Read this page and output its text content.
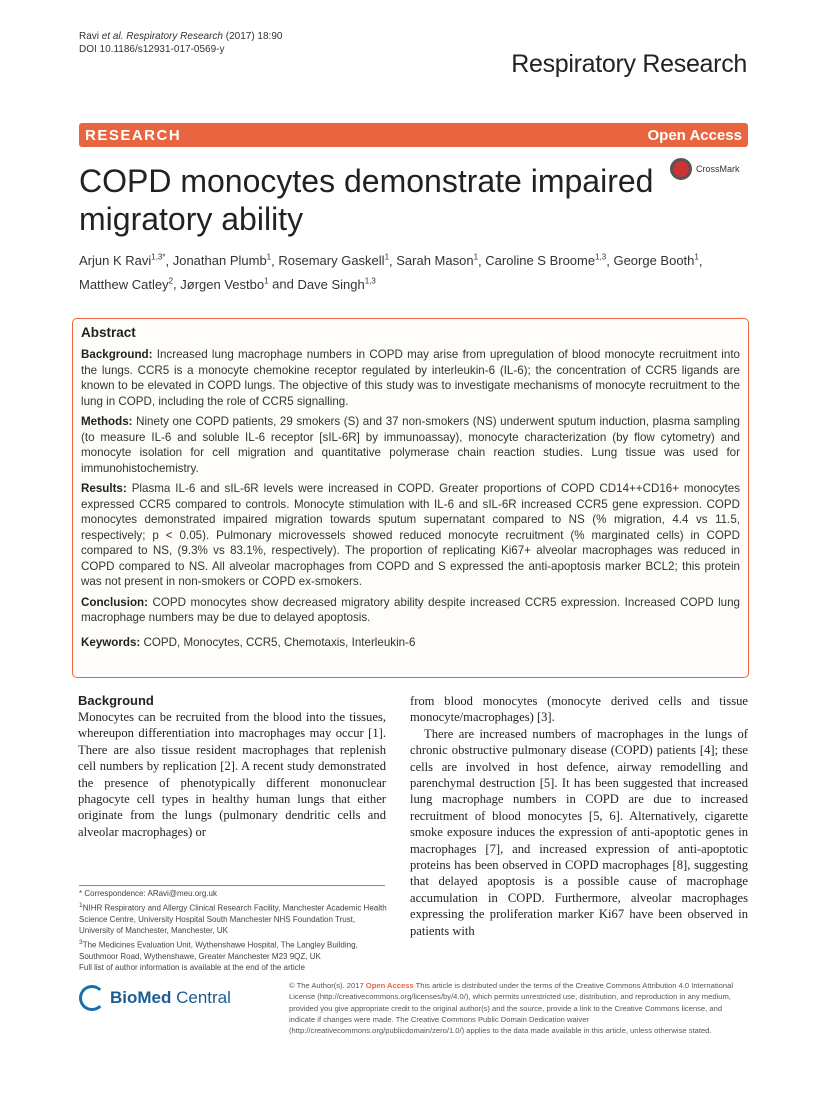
Ravi et al. Respiratory Research (2017) 18:90
DOI 10.1186/s12931-017-0569-y
Respiratory Research
RESEARCH	Open Access
CrossMark
COPD monocytes demonstrate impaired migratory ability
Arjun K Ravi$^{1,3*}$, Jonathan Plumb$^1$, Rosemary Gaskell$^1$, Sarah Mason$^1$, Caroline S Broome$^{1,3}$, George Booth$^1$, Matthew Catley$^2$, Jørgen Vestbo$^1$ and Dave Singh$^{1,3}$
Abstract

Background: Increased lung macrophage numbers in COPD may arise from upregulation of blood monocyte recruitment into the lungs. CCR5 is a monocyte chemokine receptor regulated by interleukin-6 (IL-6); the concentration of CCR5 ligands are known to be elevated in COPD lungs. The objective of this study was to investigate mechanisms of monocyte recruitment to the lung in COPD, including the role of CCR5 signalling.

Methods: Ninety one COPD patients, 29 smokers (S) and 37 non-smokers (NS) underwent sputum induction, plasma sampling (to measure IL-6 and soluble IL-6 receptor [sIL-6R] by immunoassay), monocyte characterization (by flow cytometry) and monocyte isolation for cell migration and quantitative polymerase chain reaction studies. Lung tissue was used for immunohistochemistry.

Results: Plasma IL-6 and sIL-6R levels were increased in COPD. Greater proportions of COPD CD14++CD16+ monocytes expressed CCR5 compared to controls. Monocyte stimulation with IL-6 and sIL-6R increased CCR5 gene expression. COPD monocytes demonstrated impaired migration towards sputum supernatant compared to NS (% migration, 4.4 vs 11.5, respectively; p < 0.05). Pulmonary microvessels showed reduced monocyte recruitment (% marginated cells) in COPD compared to NS, (9.3% vs 83.1%, respectively). The proportion of replicating Ki67+ alveolar macrophages was reduced in COPD compared to NS. All alveolar macrophages from COPD and S expressed the anti-apoptosis marker BCL2; this protein was not present in non-smokers or COPD ex-smokers.

Conclusion: COPD monocytes show decreased migratory ability despite increased CCR5 expression. Increased COPD lung macrophage numbers may be due to delayed apoptosis.

Keywords: COPD, Monocytes, CCR5, Chemotaxis, Interleukin-6

Background

Monocytes can be recruited from the blood into the tissues, whereupon differentiation into macrophages may occur [1]. There are also tissue resident macrophages that replenish cell numbers by replication [2]. A recent study demonstrated the presence of phenotypically different mononuclear phagocyte cell types in healthy human lungs that either originate from the lungs (pulmonary dendritic cells and alveolar macrophages) or

from blood monocytes (monocyte derived cells and tissue monocyte/macrophages) [3].

There are increased numbers of macrophages in the lungs of chronic obstructive pulmonary disease (COPD) patients [4]; these cells are involved in host defence, airway remodelling and parenchymal destruction [5]. It has been suggested that increased lung macrophage numbers in COPD are due to increased recruitment of blood monocytes [5, 6]. Alternatively, cigarette smoke exposure induces the expression of anti-apoptotic genes in macrophages [7], and increased expression of anti-apoptotic proteins has been observed in COPD macrophages [8], suggesting that delayed apoptosis is a possible cause of macrophage accumulation in COPD. Furthermore, alveolar macrophages expressing the proliferation marker Ki67 have been observed in patients with

* Correspondence: ARavi@meu.org.uk
$^1$NIHR Respiratory and Allergy Clinical Research Facility, Manchester Academic Health Science Centre, University Hospital South Manchester NHS Foundation Trust, University of Manchester, Manchester, UK
$^3$The Medicines Evaluation Unit, Wythenshawe Hospital, The Langley Building, Southmoor Road, Wythenshawe, Greater Manchester M23 9QZ, UK
Full list of author information is available at the end of the article
BioMed Central
© The Author(s). 2017 Open Access This article is distributed under the terms of the Creative Commons Attribution 4.0 International License (http://creativecommons.org/licenses/by/4.0/), which permits unrestricted use, distribution, and reproduction in any medium, provided you give appropriate credit to the original author(s) and the source, provide a link to the Creative Commons license, and indicate if changes were made. The Creative Commons Public Domain Dedication waiver (http://creativecommons.org/publicdomain/zero/1.0/) applies to the data made available in this article, unless otherwise stated.
